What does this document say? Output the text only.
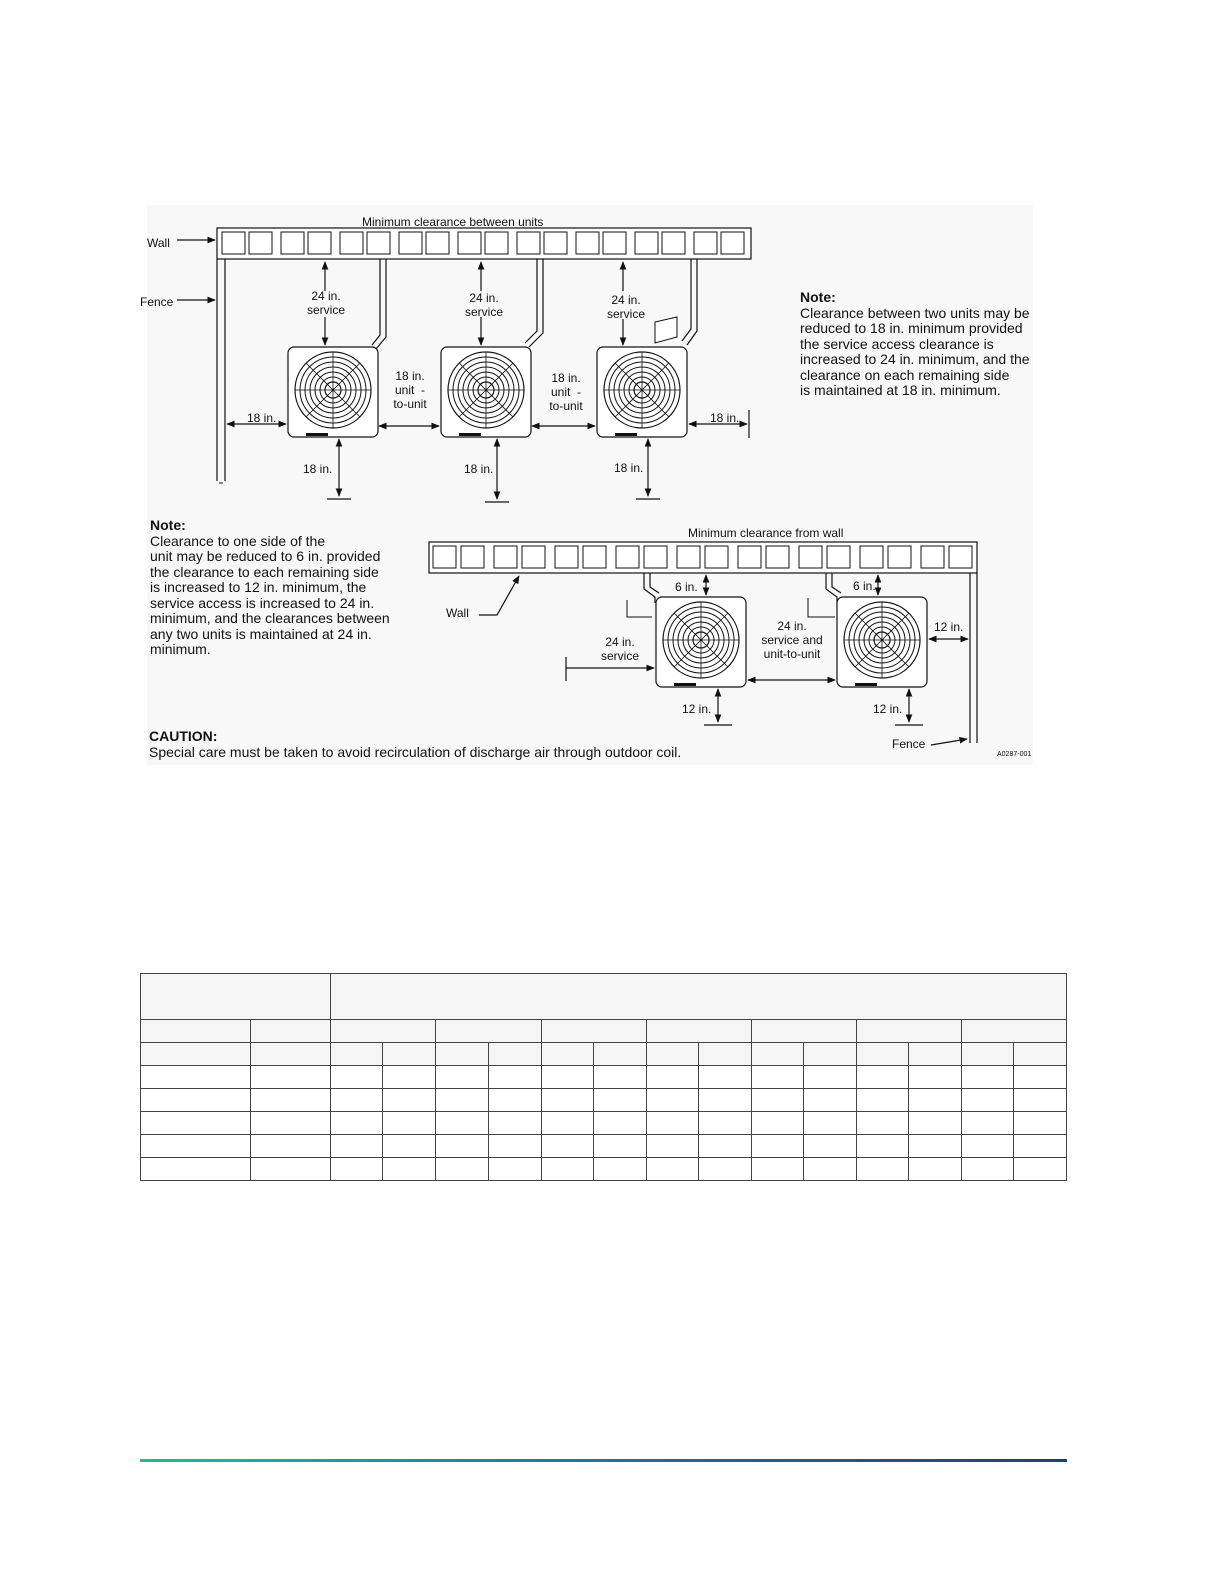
Minimum clearance between units
Wall
Fence	24 in.
service
24 in.
service
24 in.
service
18 in.
unit  -
to-unit
18 in.
unit  -
to-unit
18 in.	18 in.
18 in.	18 in.	18 in.
Note:
Clearance between two units may be
reduced to 18 in. minimum provided
the service access clearance is
increased to 24 in. minimum, and the
clearance on each remaining side
is maintained at 18 in. minimum.
Note:
Clearance to one side of the
unit may be reduced to 6 in. provided
the clearance to each remaining side
is increased to 12 in. minimum, the
service access is increased to 24 in.
minimum, and the clearances between
any two units is maintained at 24 in.
minimum.
Minimum clearance from wall
Wall
6 in.	6 in.
24 in.
service
24 in.
service and
unit-to-unit
12 in.
12 in.	12 in.
Fence
CAUTION:
Special care must be taken to avoid recirculation of discharge air through outdoor coil.	A0287-001
